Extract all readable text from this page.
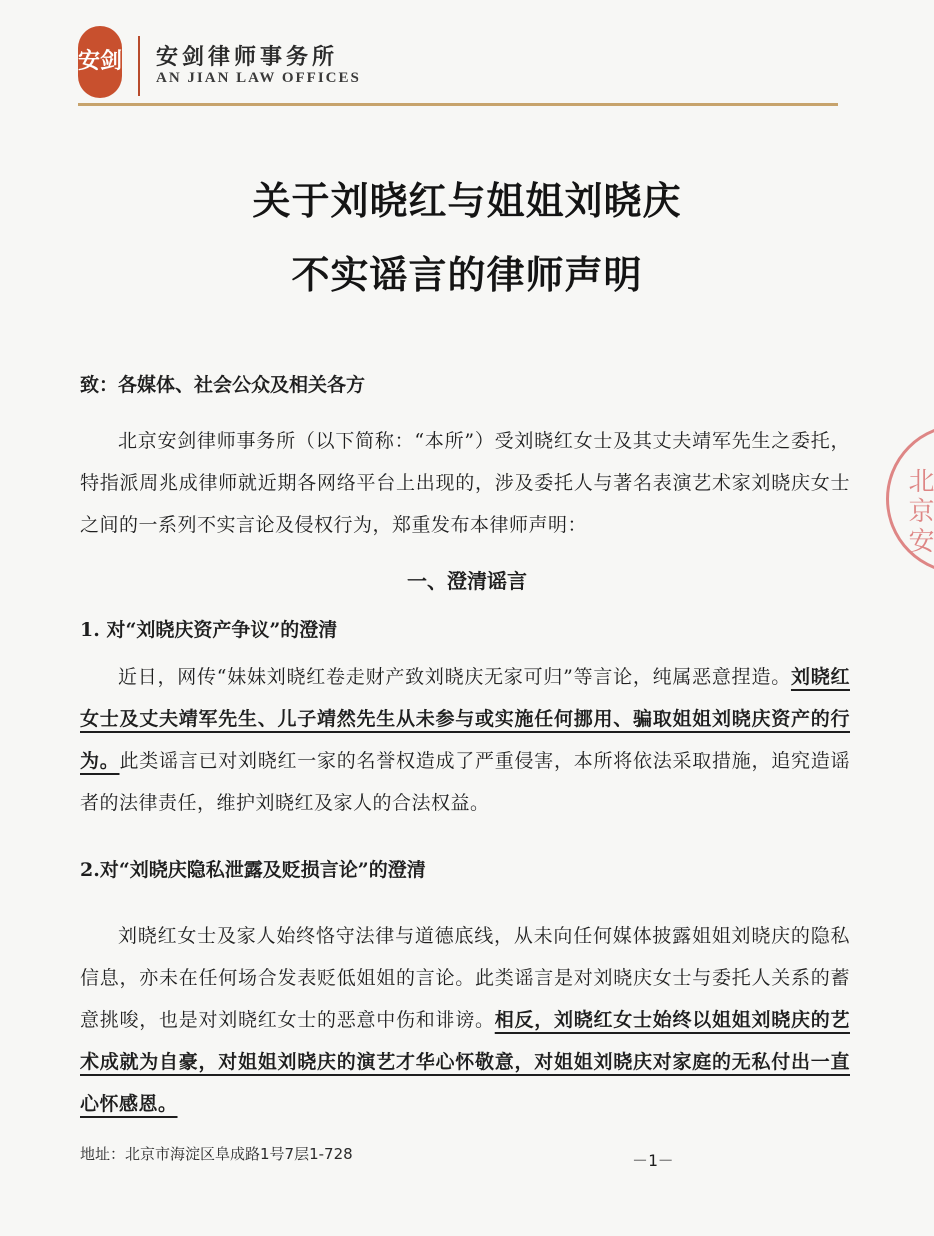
安剑 安剑律师事务所
AN JIAN LAW OFFICES
关于刘晓红与姐姐刘晓庆
不实谣言的律师声明
致：各媒体、社会公众及相关各方
北京安剑律师事务所（以下简称：“本所”）受刘晓红女士及其丈夫靖军先生之委托，特指派周兆成律师就近期各网络平台上出现的，涉及委托人与著名表演艺术家刘晓庆女士之间的一系列不实言论及侵权行为，郑重发布本律师声明：
一、澄清谣言
1. 对“刘晓庆资产争议”的澄清
近日，网传“妹妹刘晓红卷走财产致刘晓庆无家可归”等言论，纯属恶意捏造。刘晓红女士及丈夫靖军先生、儿子靖然先生从未参与或实施任何挪用、骗取姐姐刘晓庆资产的行为。此类谣言已对刘晓红一家的名誉权造成了严重侵害，本所将依法采取措施，追究造谣者的法律责任，维护刘晓红及家人的合法权益。
2.对“刘晓庆隐私泄露及贬损言论”的澄清
刘晓红女士及家人始终恪守法律与道德底线，从未向任何媒体披露姐姐刘晓庆的隐私信息，亦未在任何场合发表贬低姐姐的言论。此类谣言是对刘晓庆女士与委托人关系的蓄意挑唆，也是对刘晓红女士的恶意中伤和诽谤。相反，刘晓红女士始终以姐姐刘晓庆的艺术成就为自豪，对姐姐刘晓庆的演艺才华心怀敬意，对姐姐刘晓庆对家庭的无私付出一直心怀感恩。
地址：北京市海淀区阜成路1号7层1-728	－1－
北京安
